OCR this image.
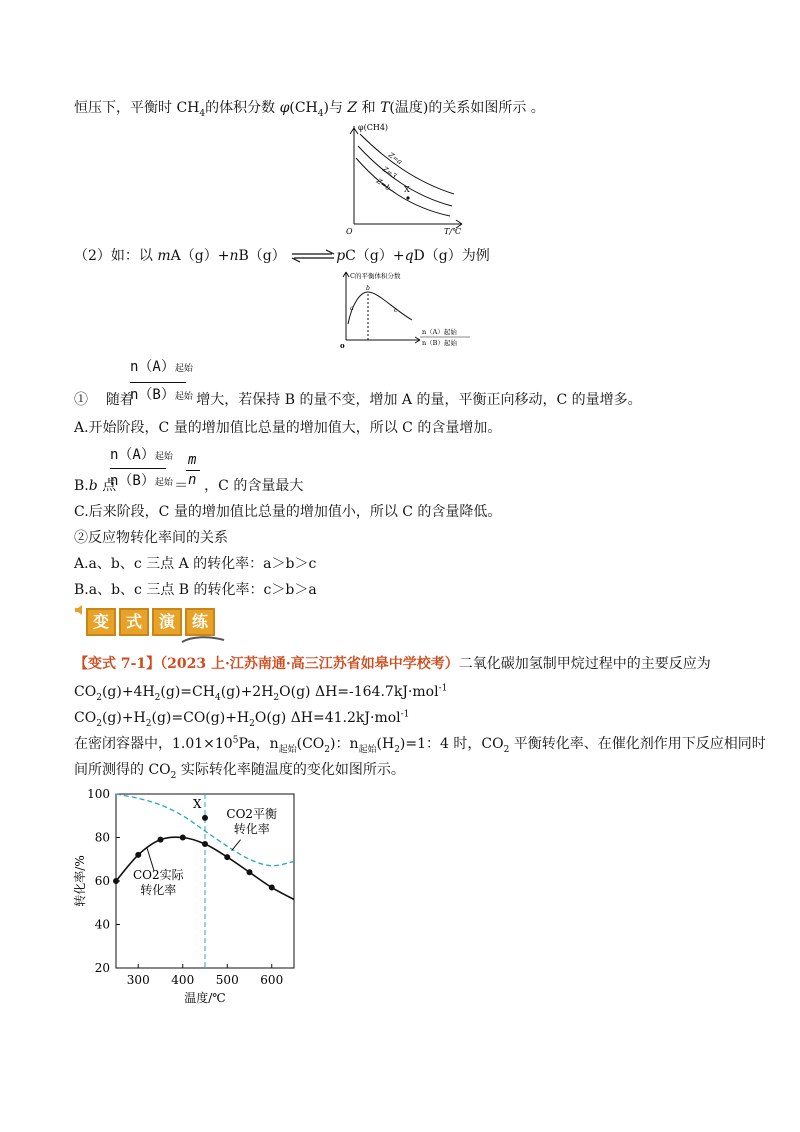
恒压下，平衡时 $CH_4$的体积分数 $\varphi(CH_4)$与 Z 和 T(温度)的关系如图所示 。
φ(CH4)
O	T/℃
Z=a
Z=3
Z=b X
（2）如：以 mA（g）+nB（g） ⇌pC（g）+qD（g）为例
C的平衡体积分数
o
a
b
c
n（A）起始
n（B）起始
n（A）起始
n（B）起始
① 随着	增大，若保持 B 的量不变，增加 A 的量，平衡正向移动，C 的量增多。
A.开始阶段，C 量的增加值比总量的增加值大，所以 C 的含量增加。
n（A）起始
n（B）起始
m
n
B.b 点	＝ ，C 的含量最大
C.后来阶段，C 量的增加值比总量的增加值小，所以 C 的含量降低。
②反应物转化率间的关系
A.a、b、c 三点 A 的转化率：a＞b＞c
B.a、b、c 三点 B 的转化率：c＞b＞a
变 式 演 练
【变式 7-1】（2023 上·江苏南通·高三江苏省如皋中学校考）二氧化碳加氢制甲烷过程中的主要反应为
$CO_2(g)+4H_2(g)=CH_4(g)+2H_2O(g)$ ΔH=-164.7kJ·mol$^{-1}$
$CO_2(g)+H_2(g)=CO(g)+H_2O(g)$ ΔH=41.2kJ·mol$^{-1}$
在密闭容器中，$1.01\times 10^5Pa$，$n_{起始}(CO_2)$：$n_{起始}(H_2)=1$：4 时，$CO_2$ 平衡转化率、在催化剂作用下反应相同时
间所测得的 $CO_2$ 实际转化率随温度的变化如图所示。
20
40
60
80
100
300 400 500 600
温度/℃
转化率/%
X
CO2平衡
转化率
CO2实际
转化率
